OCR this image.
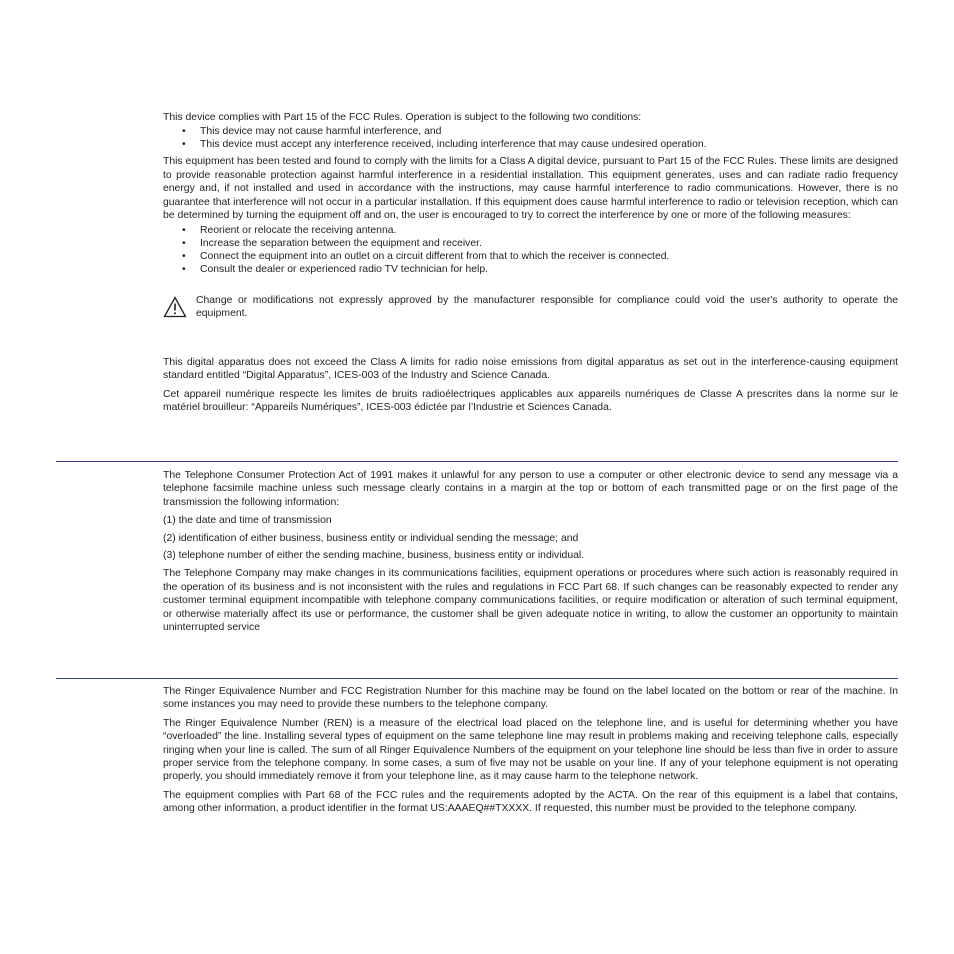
This device complies with Part 15 of the FCC Rules. Operation is subject to the following two conditions:

• This device may not cause harmful interference, and
• This device must accept any interference received, including interference that may cause undesired operation.

This equipment has been tested and found to comply with the limits for a Class A digital device, pursuant to Part 15 of the FCC Rules. These limits are designed to provide reasonable protection against harmful interference in a residential installation. This equipment generates, uses and can radiate radio frequency energy and, if not installed and used in accordance with the instructions, may cause harmful interference to radio communications. However, there is no guarantee that interference will not occur in a particular installation. If this equipment does cause harmful interference to radio or television reception, which can be determined by turning the equipment off and on, the user is encouraged to try to correct the interference by one or more of the following measures:

• Reorient or relocate the receiving antenna.
• Increase the separation between the equipment and receiver.
• Connect the equipment into an outlet on a circuit different from that to which the receiver is connected.
• Consult the dealer or experienced radio TV technician for help.
Change or modifications not expressly approved by the manufacturer responsible for compliance could void the user's authority to operate the equipment.

This digital apparatus does not exceed the Class A limits for radio noise emissions from digital apparatus as set out in the interference-causing equipment standard entitled “Digital Apparatus”, ICES-003 of the Industry and Science Canada.

Cet appareil numérique respecte les limites de bruits radioélectriques applicables aux appareils numériques de Classe A prescrites dans la norme sur le matériel brouilleur: “Appareils Numériques”, ICES-003 édictée par l’Industrie et Sciences Canada.

The Telephone Consumer Protection Act of 1991 makes it unlawful for any person to use a computer or other electronic device to send any message via a telephone facsimile machine unless such message clearly contains in a margin at the top or bottom of each transmitted page or on the first page of the transmission the following information:

(1) the date and time of transmission

(2) identification of either business, business entity or individual sending the message; and

(3) telephone number of either the sending machine, business, business entity or individual.

The Telephone Company may make changes in its communications facilities, equipment operations or procedures where such action is reasonably required in the operation of its business and is not inconsistent with the rules and regulations in FCC Part 68. If such changes can be reasonably expected to render any customer terminal equipment incompatible with telephone company communications facilities, or require modification or alteration of such terminal equipment, or otherwise materially affect its use or performance, the customer shall be given adequate notice in writing, to allow the customer an opportunity to maintain uninterrupted service

The Ringer Equivalence Number and FCC Registration Number for this machine may be found on the label located on the bottom or rear of the machine. In some instances you may need to provide these numbers to the telephone company.

The Ringer Equivalence Number (REN) is a measure of the electrical load placed on the telephone line, and is useful for determining whether you have “overloaded” the line. Installing several types of equipment on the same telephone line may result in problems making and receiving telephone calls, especially ringing when your line is called. The sum of all Ringer Equivalence Numbers of the equipment on your telephone line should be less than five in order to assure proper service from the telephone company. In some cases, a sum of five may not be usable on your line. If any of your telephone equipment is not operating properly, you should immediately remove it from your telephone line, as it may cause harm to the telephone network.

The equipment complies with Part 68 of the FCC rules and the requirements adopted by the ACTA. On the rear of this equipment is a label that contains, among other information, a product identifier in the format US:AAAEQ##TXXXX. If requested, this number must be provided to the telephone company.
